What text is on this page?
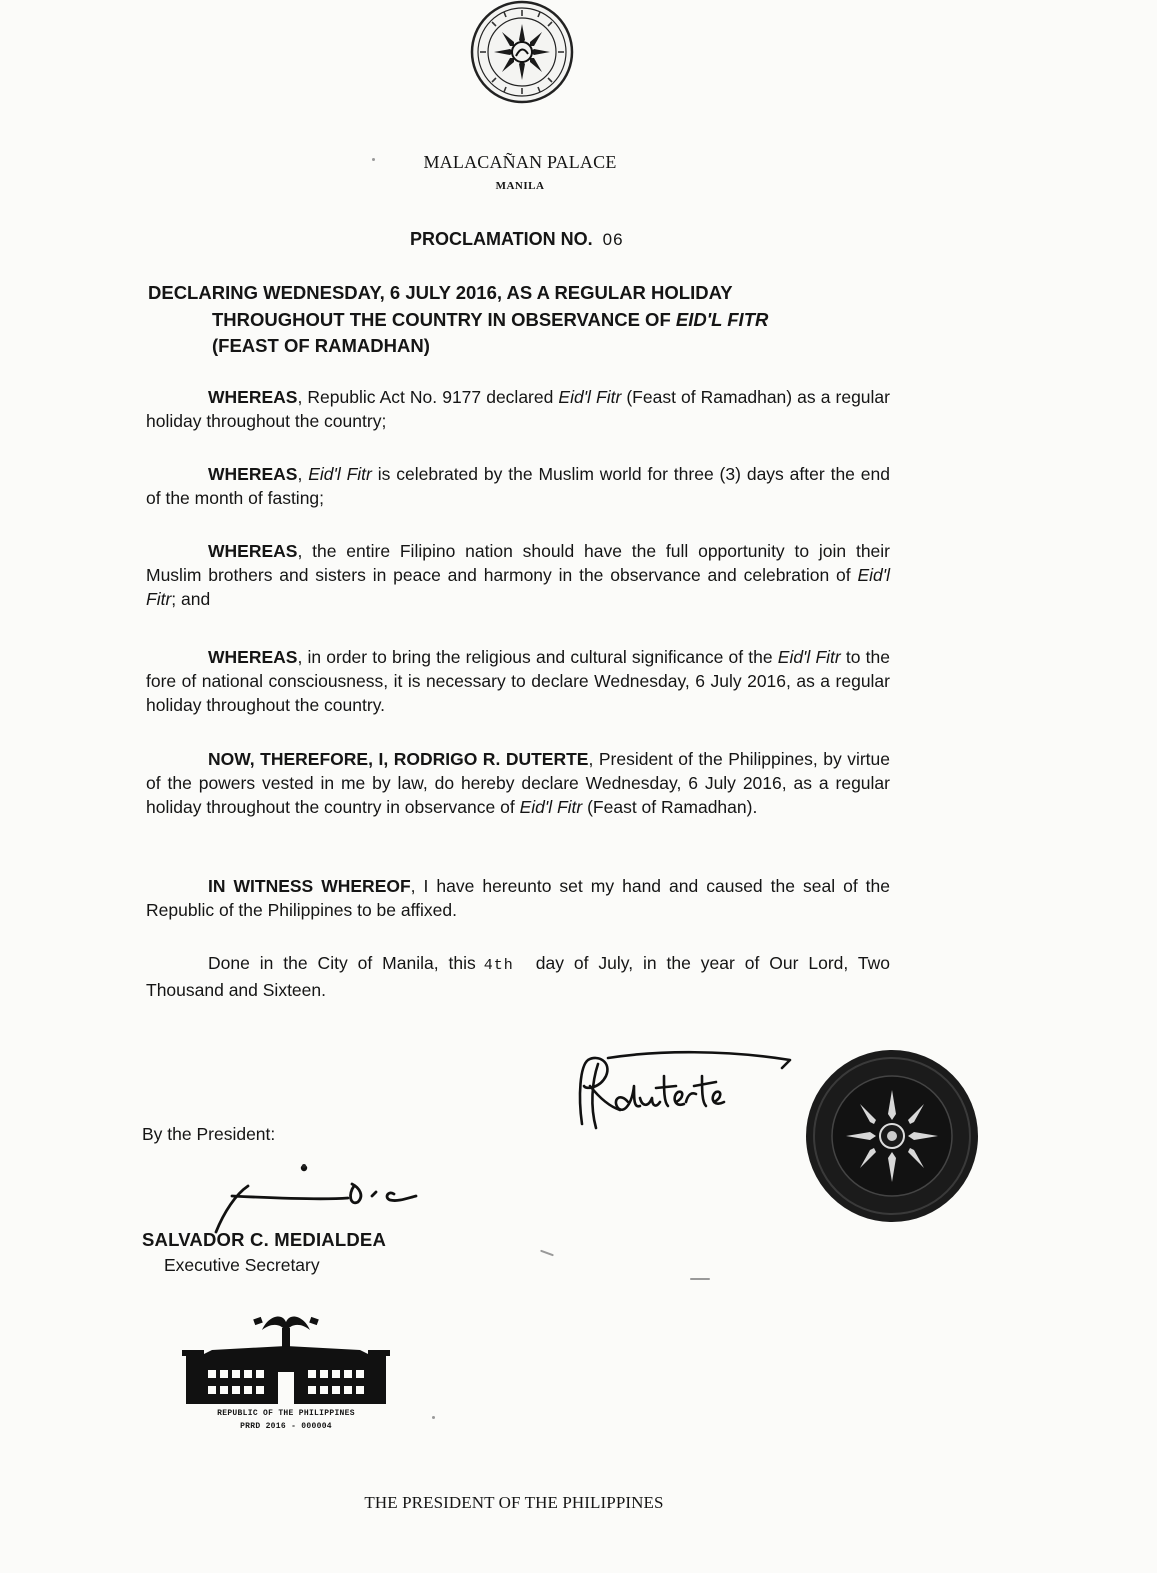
MALACAÑAN PALACE
MANILA
PROCLAMATION NO. 06
DECLARING WEDNESDAY, 6 JULY 2016, AS A REGULAR HOLIDAY
THROUGHOUT THE COUNTRY IN OBSERVANCE OF EID'L FITR
(FEAST OF RAMADHAN)
WHEREAS, Republic Act No. 9177 declared Eid'l Fitr (Feast of Ramadhan) as a regular holiday throughout the country;
WHEREAS, Eid'l Fitr is celebrated by the Muslim world for three (3) days after the end of the month of fasting;
WHEREAS, the entire Filipino nation should have the full opportunity to join their Muslim brothers and sisters in peace and harmony in the observance and celebration of Eid'l Fitr; and
WHEREAS, in order to bring the religious and cultural significance of the Eid'l Fitr to the fore of national consciousness, it is necessary to declare Wednesday, 6 July 2016, as a regular holiday throughout the country.
NOW, THEREFORE, I, RODRIGO R. DUTERTE, President of the Philippines, by virtue of the powers vested in me by law, do hereby declare Wednesday, 6 July 2016, as a regular holiday throughout the country in observance of Eid'l Fitr (Feast of Ramadhan).
IN WITNESS WHEREOF, I have hereunto set my hand and caused the seal of the Republic of the Philippines to be affixed.
Done in the City of Manila, this 4th day of July, in the year of Our Lord, Two Thousand and Sixteen.
By the President:
SALVADOR C. MEDIALDEA
Executive Secretary
REPUBLIC OF THE PHILIPPINES
PRRD 2016 - 000004
THE PRESIDENT OF THE PHILIPPINES
